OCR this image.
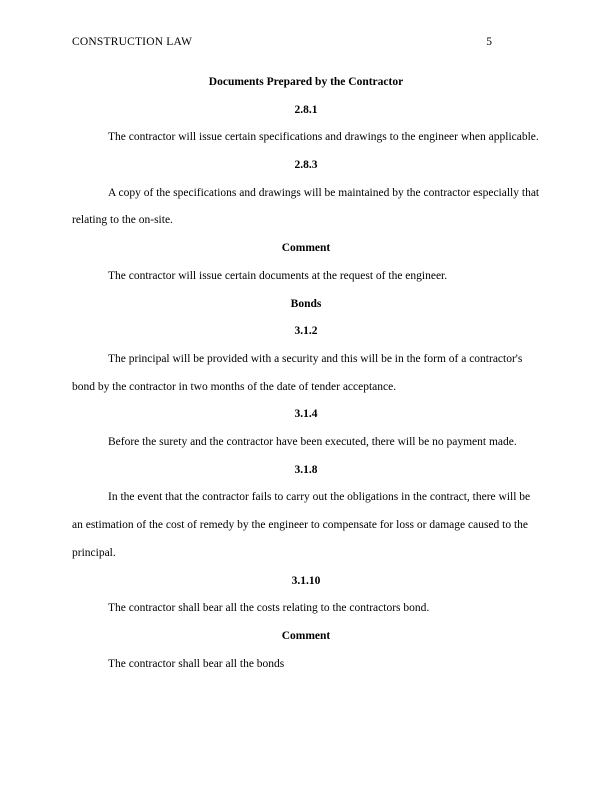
CONSTRUCTION LAW	5

Documents Prepared by the Contractor

2.8.1

The contractor will issue certain specifications and drawings to the engineer when applicable.

2.8.3

A copy of the specifications and drawings will be maintained by the contractor especially that relating to the on-site.

Comment

The contractor will issue certain documents at the request of the engineer.

Bonds

3.1.2

The principal will be provided with a security and this will be in the form of a contractor's bond by the contractor in two months of the date of tender acceptance.

3.1.4

Before the surety and the contractor have been executed, there will be no payment made.

3.1.8

In the event that the contractor fails to carry out the obligations in the contract, there will be an estimation of the cost of remedy by the engineer to compensate for loss or damage caused to the principal.

3.1.10

The contractor shall bear all the costs relating to the contractors bond.

Comment

The contractor shall bear all the bonds
